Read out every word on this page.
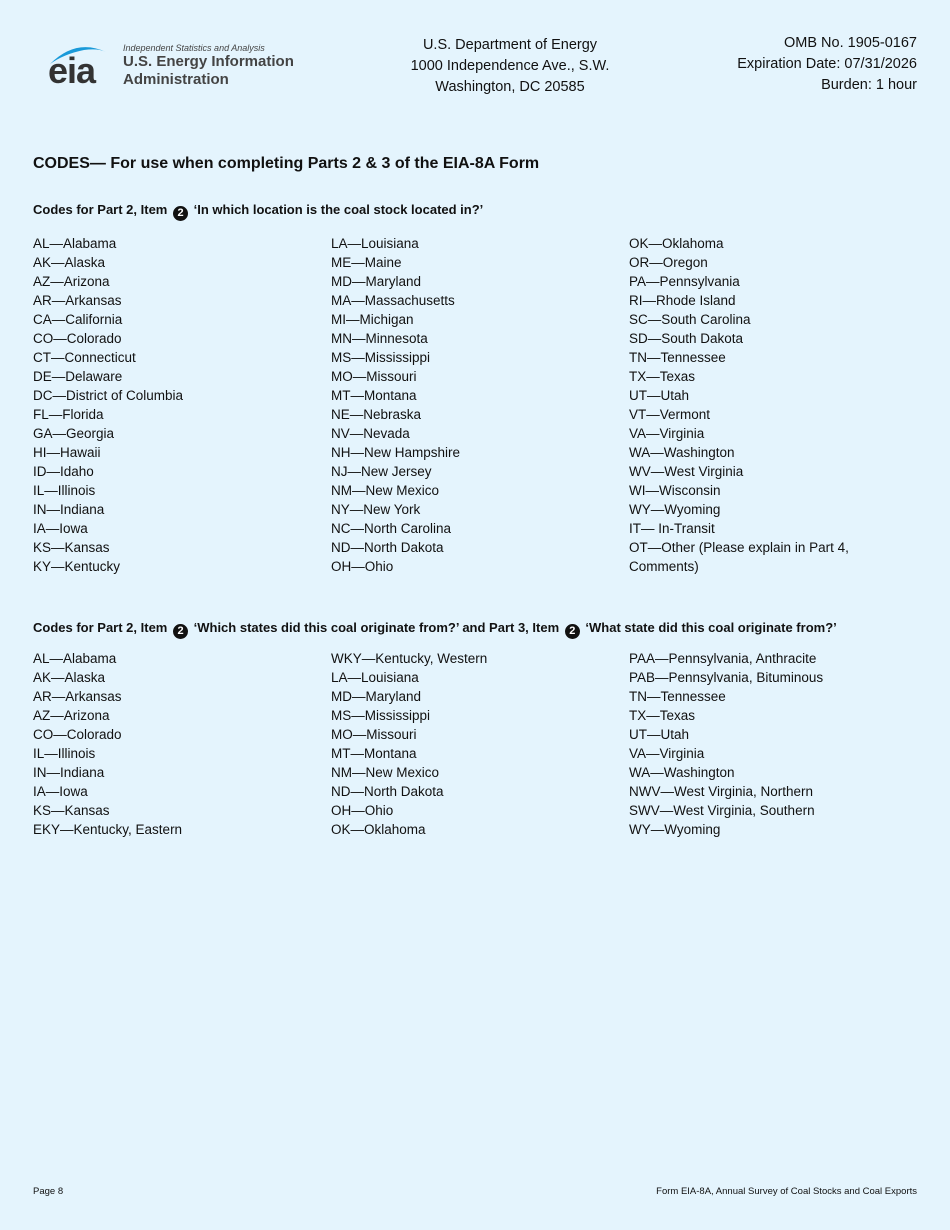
eia
Independent Statistics and Analysis
U.S. Energy Information
Administration
U.S. Department of Energy
1000 Independence Ave., S.W.
Washington, DC 20585
OMB No. 1905-0167
Expiration Date: 07/31/2026
Burden: 1 hour
CODES— For use when completing Parts 2 & 3 of the EIA-8A Form
Codes for Part 2, Item 2 ‘In which location is the coal stock located in?’
AL—Alabama
AK—Alaska
AZ—Arizona
AR—Arkansas
CA—California
CO—Colorado
CT—Connecticut
DE—Delaware
DC—District of Columbia
FL—Florida
GA—Georgia
HI—Hawaii
ID—Idaho
IL—Illinois
IN—Indiana
IA—Iowa
KS—Kansas
KY—Kentucky
LA—Louisiana
ME—Maine
MD—Maryland
MA—Massachusetts
MI—Michigan
MN—Minnesota
MS—Mississippi
MO—Missouri
MT—Montana
NE—Nebraska
NV—Nevada
NH—New Hampshire
NJ—New Jersey
NM—New Mexico
NY—New York
NC—North Carolina
ND—North Dakota
OH—Ohio
OK—Oklahoma
OR—Oregon
PA—Pennsylvania
RI—Rhode Island
SC—South Carolina
SD—South Dakota
TN—Tennessee
TX—Texas
UT—Utah
VT—Vermont
VA—Virginia
WA—Washington
WV—West Virginia
WI—Wisconsin
WY—Wyoming
IT— In-Transit
OT—Other (Please explain in Part 4,
Comments)
Codes for Part 2, Item 2 ‘Which states did this coal originate from?’ and Part 3, Item 2 ‘What state did this coal originate from?’
AL—Alabama
AK—Alaska
AR—Arkansas
AZ—Arizona
CO—Colorado
IL—Illinois
IN—Indiana
IA—Iowa
KS—Kansas
EKY—Kentucky, Eastern
WKY—Kentucky, Western
LA—Louisiana
MD—Maryland
MS—Mississippi
MO—Missouri
MT—Montana
NM—New Mexico
ND—North Dakota
OH—Ohio
OK—Oklahoma
PAA—Pennsylvania, Anthracite
PAB—Pennsylvania, Bituminous
TN—Tennessee
TX—Texas
UT—Utah
VA—Virginia
WA—Washington
NWV—West Virginia, Northern
SWV—West Virginia, Southern
WY—Wyoming
Page 8	Form EIA-8A, Annual Survey of Coal Stocks and Coal Exports
